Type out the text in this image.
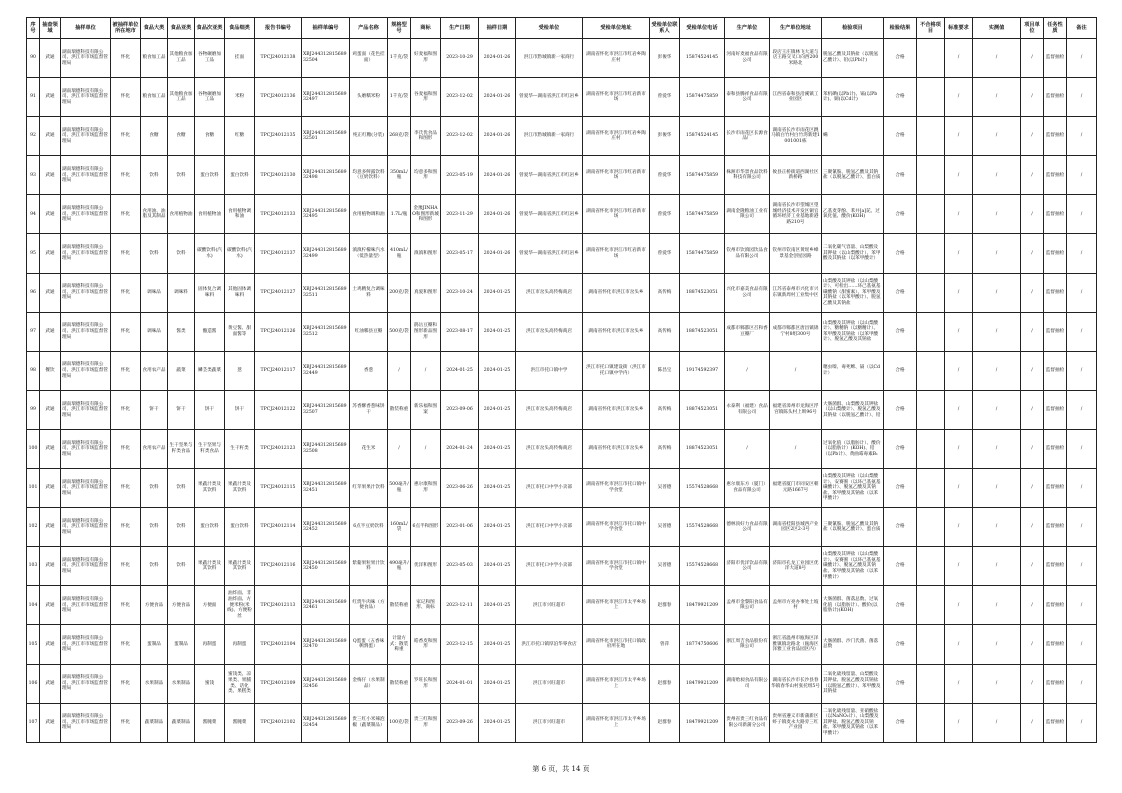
序号	抽查领域	抽样单位	被抽样单位所在地市	食品大类	食品亚类	食品次亚类	食品细类	报告书编号	抽样单编号	产品名称	规格型号	商标	生产日期	抽样日期	受检单位	受检单位地址	受检单位联系人	受检单位电话	生产单位	生产单位地址	检验项目	检验结果	不合格项目	标准要求	实测值	项目单位	任务性质	备注
90	武通	湖南瑞德科技有限公司、洪江市市场监督管理局	怀化	粮食加工品	其他粮食加工品	谷物碾磨加工品	挂面	TPCJ24012138	XBJ24431281568932504	鸡蛋面（花色挂面）	1千克/袋	好麦福和图形	2023-10-29	2024-01-26	洪江市黔城镇新一家商行	湖南省怀化市洪江市红岩乡陶庄村	彭俊华	15874524145	河南好麦福食品有限公司	段店王庄镇林飞大道与店王路交叉口向西200米路北	脱氢乙酸及其钠盐（以脱氢乙酸计）、铅(以Pb计)	合格		/	/	/	监督抽检	/
91	武通	湖南瑞德科技有限公司、洪江市市场监督管理局	怀化	粮食加工品	其他粮食加工品	谷物碾磨加工品	米粉	TPCJ24012136	XBJ24431281568932497	头磨糯米粉	1千克/袋	谷麦福和图形	2023-12-02	2024-01-26	曾爱华—湖南省洪江市红岩乡	湖南省怀化市洪江市红岩新市场	曾爱华	15874475859	泰和县腾祥食品有限公司	江西省泰和县沿溪镇工业园区	苯机碘(以Pb计)、镉(以Pb计)、铜(以Cd计)	合格		/	/	/	监督抽检	/
92	武通	湖南瑞德科技有限公司、洪江市市场监督管理局	怀化	食糖	食糖	食糖	红糖	TPCJ24012135	XBJ24431281568932501	纯正红糖(分装)	268克/袋	李氏优食品和图形	2023-12-02	2024-01-26	洪江市黔城镇新一家商行	湖南省怀化市洪江市红岩乡陶庄村	彭俊华	15874524145	长沙市雨花区长源食品厂	湖南省长沙市雨花区跳马镇白竹村白竹湾新建1001001栋	螨	合格		/	/	/	监督抽检	/
93	武通	湖南瑞德科技有限公司、洪江市市场监督管理局	怀化	饮料	饮料	蛋白饮料	蛋白饮料	TPCJ24012130	XBJ24431281568932498	均意多鲜露饮料（豆奶饮料）	350mL/瓶	均意多和图形	2023-05-19	2024-01-26	曾爱华—湖南省洪江市红岩乡	湖南省怀化市洪江市红岩新市场	曾爱华	15874475859	株洲市华景食品饮料科技有限公司	攸县正桥街道西湖社区新桥路	三聚氰胺、脱氢乙酸及其钠盐（以脱氢乙酸计）、蛋白质	合格		/	/	/	监督抽检	/
94	武通	湖南瑞德科技有限公司、洪江市市场监督管理局	怀化	食用油、油脂及其制品	食用植物油	食用植物油	食用植物调和油	TPCJ24012133	XBJ24431281568932495	食用植物调和油	1.7L/瓶	金豫JINHAO和图形新城和图形	2023-11-29	2024-01-26	曾爱华—湖南省洪江市红岩乡	湖南省怀化市洪江市红岩新市场	曾爱华	15874475859	湖南金隆粮油工业有限公司	湖南省长沙市望城区望城经济技术开发区铜官循环经济工业基地新港路210号	乙基麦芽酚、苯并[a]芘、过氧化值、酸价(KOH)	合格		/	/	/	监督抽检	/
95	武通	湖南瑞德科技有限公司、洪江市市场监督管理局	怀化	饮料	饮料	碳酸饮料(汽水)	碳酸饮料(汽水)	TPCJ24012137	XBJ24431281568932499	滇滇柠檬味汽水（低热量型）	410mL/瓶	滇滇和图形	2023-05-17	2024-01-26	曾爱华—湖南省洪江市红岩乡	湖南省怀化市洪江市红岩新市场	曾爱华	15874475859	钦州市饮滇园饮品食品有限公司	钦州市钦南区黄瑶乡峰景基金创星园路	二氧化碳气容量、山梨酸及其钾盐（以山梨酸计）、苯甲酸及其钠盐（以苯甲酸计）	合格		/	/	/	监督抽检	/
96	武通	湖南瑞德科技有限公司、洪江市市场监督管理局	怀化	调味品	调味料	固体复合调味料	其他固体调味料	TPCJ24012127	XBJ24431281568932511	土鸡精复合调味料	200克/袋	真爱和图形	2023-10-24	2024-01-25	洪江市岔头高传梅商店	湖南省怀化市洪江市岔头乡	高传梅	18874523051	兴化市嘉美食品有限公司	江苏省泰州市兴化市兴东镇新周村工业集中区	山梨酸及其钾盐（以山梨酸计）、可检出……环己基氨基磺酸钠（甜蜜素）、苯甲酸及其钠盐（以苯甲酸计）、脱氢乙酸及其钠盐	合格		/	/	/	监督抽检	/
97	武通	湖南瑞德科技有限公司、洪江市市场监督管理局	怀化	调味品	酱类	酿造酱	黄豆酱、甜面酱等	TPCJ24012126	XBJ24431281568932512	红油郫县豆瓣	500克/袋	鹃岳豆瓣和图形新品图形	2023-08-17	2024-01-25	洪江市岔头高传梅商店	湖南省怀化市洪江市岔头乡	高传梅	18874523051	成都市郫都区召和香豆瓣厂	成都市郫都区唐昌镇锦宁村8组300号	山梨酸及其钾盐（以山梨酸计）、糖精钠（以糖精计）、苯甲酸及其钠盐（以苯甲酸计）、脱氢乙酸及其钠盐	合格		/	/	/	监督抽检	/
98	餐饮	湖南瑞德科技有限公司、洪江市市场监督管理局	怀化	食用农产品	蔬菜	鳞茎类蔬菜	葱	TPCJ24012117	XBJ24431281568932449	香葱	/	/	2024-01-25	2024-01-25	洪江市托口镇中学	洪江市托口镇建设街（洪江市托口镇中学内）	陈昌宝	19174592397	/	/	噻虫嗪、毒死蜱、镉（以Cd计）	合格		/	/	/	监督抽检	/
99	武通	湖南瑞德科技有限公司、洪江市市场监督管理局	怀化	饼干	饼干	饼干	饼干	TPCJ24012122	XBJ24431281568932507	苏香酥香葱味饼干	散装称重	新乐福和图案	2023-09-06	2024-01-25	洪江市岔头高传梅商店	湖南省怀化市洪江市岔头乡	高传梅	18874523051	永泰利（福建）食品有限公司	福建省漳州市龙海区浮宫镇陈头村上圳96号	大肠菌群、山梨酸及其钾盐（以山梨酸计）、脱氢乙酸及其钠盐（以脱氢乙酸计）、铅	合格		/	/	/	监督抽检	/
100	武通	湖南瑞德科技有限公司、洪江市市场监督管理局	怀化	食用农产品	生干坚果与籽类食品	生干坚果与籽类食品	生干籽类	TPCJ24012123	XBJ24431281568932508	花生米	/	/	2024-01-24	2024-01-25	洪江市岔头高传梅商店	湖南省怀化市洪江市岔头乡	高传梅	18874523051	/	/	过氧化值（以脂肪计）、酸价（以脂肪计）(KOH)、铅（以Pb计）、黄曲霉毒素B₁	合格		/	/	/	监督抽检	/
101	武通	湖南瑞德科技有限公司、洪江市市场监督管理局	怀化	饮料	饮料	果蔬汁类及其饮料	果蔬汁类及其饮料	TPCJ24012115	XBJ24431281568932451	红苹果果汁饮料	500毫升/瓶	惠尔康和图形	2023-06-26	2024-01-25	洪江市托口中学小卖部	湖南省怀化市洪江市托口镇中学食堂	吴普德	15574528668	惠尔康东方（厦门）食品有限公司	福建省厦门市同安区朝元路1667号	山梨酸及其钾盐（以山梨酸计）、安赛蜜（以环己基氨基磺酸计）、脱氢乙酸及其钠盐、苯甲酸及其钠盐（以苯甲酸计）	合格		/	/	/	监督抽检	/
102	武通	湖南瑞德科技有限公司、洪江市市场监督管理局	怀化	饮料	饮料	蛋白饮料	蛋白饮料	TPCJ24012114	XBJ24431281568932452	6点半豆奶饮料	160mL/袋	6点半和图形	2023-01-06	2024-01-25	洪江市托口中学小卖部	湖南省怀化市洪江市托口镇中学食堂	吴普德	15574528668	德林顶好力食品有限公司	湖南省桂阳县城西产业园区2区2-3号	三聚氰胺、脱氢乙酸及其钠盐（以脱氢乙酸计）、蛋白质	合格		/	/	/	监督抽检	/
103	武通	湖南瑞德科技有限公司、洪江市市场监督管理局	怀化	饮料	饮料	果蔬汁类及其饮料	果蔬汁类及其饮料	TPCJ24012116	XBJ24431281568932450	紫葡果粒果汁饮料	490毫升/瓶	优洋和图形	2023-05-03	2024-01-25	洪江市托口中学小卖部	湖南省怀化市洪江市托口镇中学食堂	吴普德	15574528668	济阳市优洋饮品有限公司	济阳市孔龙工业园区优洋大道8号	山梨酸及其钾盐（以山梨酸计）、安赛蜜（以环己基氨基磺酸计）、脱氢乙酸及其钠盐、苯甲酸及其钠盐（以苯甲酸计）	合格		/	/	/	监督抽检	/
104	武通	湖南瑞德科技有限公司、洪江市市场监督管理局	怀化	方便食品	方便食品	方便面	油炸面、非油炸面、方便米粉(米线)、方便粉丝	TPCJ24012113	XBJ24431281568932461	红烧牛肉味（方便食品）	散装称重	家记和图形、商标	2023-12-11	2024-01-25	洪江市兴旺超市	湖南省怀化市洪江市太平乡场上	赵群春	18479921209	孟州市金黎阳食品有限公司	孟州市方亮办事处土坡村	大肠菌群、菌落总数、过氧化值（以脂肪计）、酸价(以脂肪计)(KOH)	合格		/	/	/	监督抽检	/
105	武通	湖南瑞德科技有限公司、洪江市市场监督管理局	怀化	蛋制品	蛋制品	再制蛋	再制蛋	TPCJ24012104	XBJ24431281568932470	Q蛋蛋（五香味鹌鹑蛋）	计量方式：散装称重	皓香皮和图形	2023-12-15	2024-01-25	洪江市托口镇厚泊华零食店	湖南省怀化市洪江市托口镇政府所在地	曾萍	18774750606	浙江周吉食品股份有限公司	浙江省温州市瓯海区泽雅镇镇北路北（瓯海区泽雅工业食品园区内）	大肠菌群、沙门氏菌、菌落总数	合格		/	/	/	监督抽检	/
106	武通	湖南瑞德科技有限公司、洪江市市场监督管理局	怀化	水果制品	水果制品	蜜饯	蜜饯类、凉果类、果脯类、话化类、果糕类	TPCJ24012109	XBJ24431281568932456	金梅仔（水果制品）	散装称重	罗旺长和图形	2024-01-01	2024-01-25	洪江市兴旺超市	湖南省怀化市洪江市太平乡场上	赵群春	18479921209	湖南贻昶食品有限公司	湖南省长沙市长沙县春华镇春华山村张托组5号	二氧化硫残留量、山梨酸及其钾盐、脱氢乙酸及其钠盐（以脱氢乙酸计）、苯甲酸及其钠盐	合格		/	/	/	监督抽检	/
107	武通	湖南瑞德科技有限公司、洪江市市场监督管理局	怀化	蔬菜制品	蔬菜制品	酱腌菜	酱腌菜	TPCJ24012102	XBJ24431281568932454	贵三红小米辣泡椒（蔬菜制品）	100克/袋	贵三红和图形	2023-09-26	2024-01-25	洪江市兴旺超市	湖南省怀化市洪江市太平乡场上	赵群春	18479921209	贵州省贵三红食品有限公司新蒲分公司	贵州省遵义市新蒲新区虾子镇麦永大路旁三红产业园	二氧化硫残留量、亚硝酸盐（以NaNO₂计）、山梨酸及其钾盐、脱氢乙酸及其钠盐、苯甲酸及其钠盐（以苯甲酸计）	合格		/	/	/	监督抽检	/
第 6 页，共 14 页
